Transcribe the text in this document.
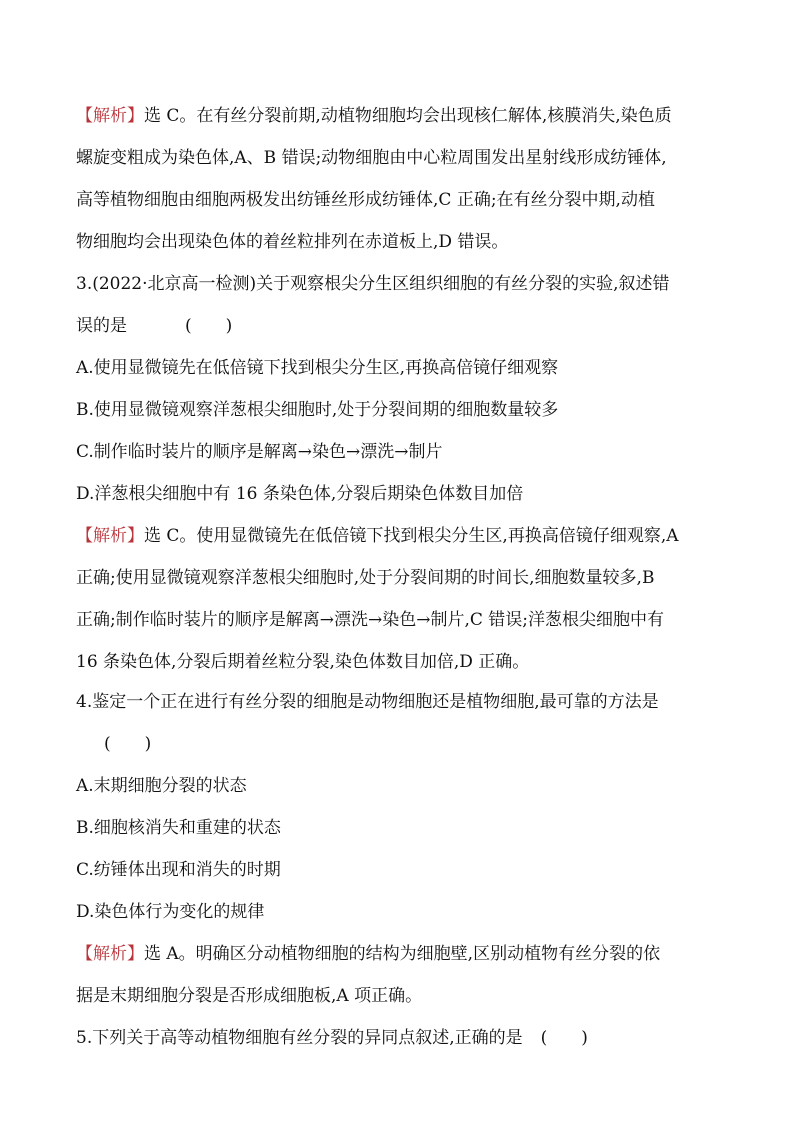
【解析】选 C。在有丝分裂前期,动植物细胞均会出现核仁解体,核膜消失,染色质
螺旋变粗成为染色体,A、B 错误;动物细胞由中心粒周围发出星射线形成纺锤体,
高等植物细胞由细胞两极发出纺锤丝形成纺锤体,C 正确;在有丝分裂中期,动植
物细胞均会出现染色体的着丝粒排列在赤道板上,D 错误。
3.(2022·北京高一检测)关于观察根尖分生区组织细胞的有丝分裂的实验,叙述错
误的是	(　　)
A.使用显微镜先在低倍镜下找到根尖分生区,再换高倍镜仔细观察
B.使用显微镜观察洋葱根尖细胞时,处于分裂间期的细胞数量较多
C.制作临时装片的顺序是解离→染色→漂洗→制片
D.洋葱根尖细胞中有 16 条染色体,分裂后期染色体数目加倍
【解析】选 C。使用显微镜先在低倍镜下找到根尖分生区,再换高倍镜仔细观察,A
正确;使用显微镜观察洋葱根尖细胞时,处于分裂间期的时间长,细胞数量较多,B
正确;制作临时装片的顺序是解离→漂洗→染色→制片,C 错误;洋葱根尖细胞中有
16 条染色体,分裂后期着丝粒分裂,染色体数目加倍,D 正确。
4.鉴定一个正在进行有丝分裂的细胞是动物细胞还是植物细胞,最可靠的方法是
(　　)
A.末期细胞分裂的状态
B.细胞核消失和重建的状态
C.纺锤体出现和消失的时期
D.染色体行为变化的规律
【解析】选 A。明确区分动植物细胞的结构为细胞壁,区别动植物有丝分裂的依
据是末期细胞分裂是否形成细胞板,A 项正确。
5.下列关于高等动植物细胞有丝分裂的异同点叙述,正确的是 (　　)
